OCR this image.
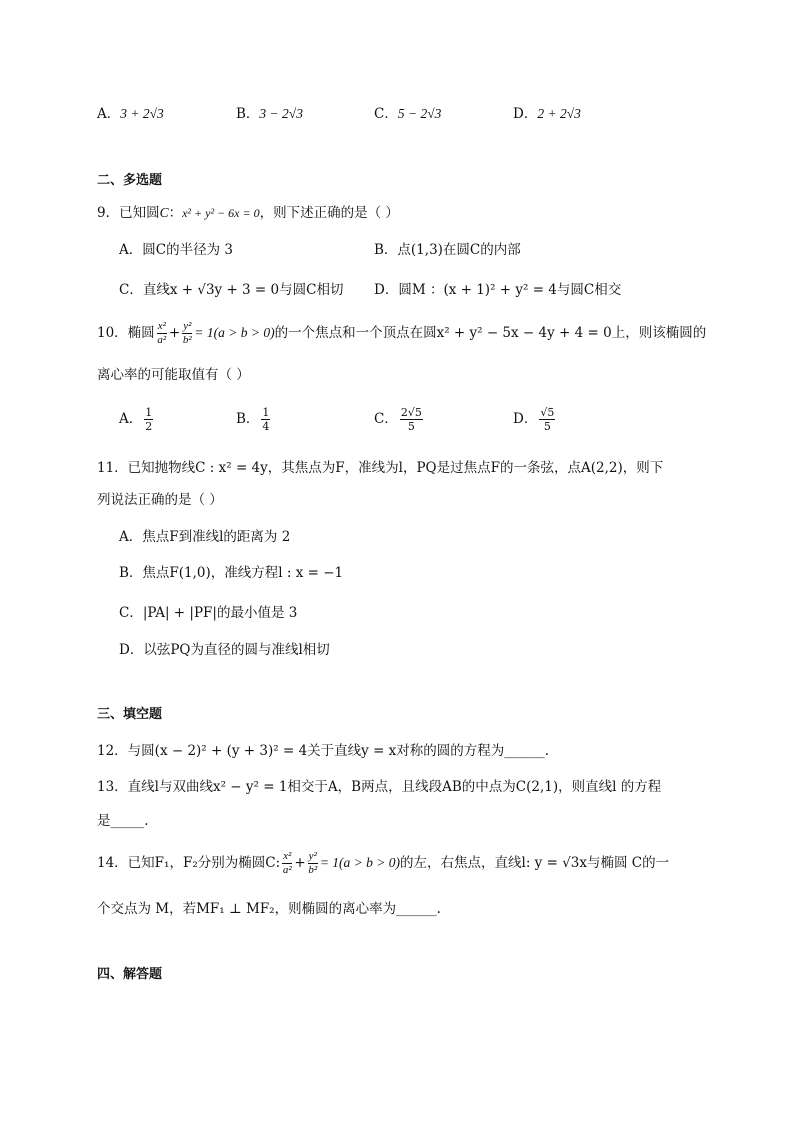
A．3 + 2√3	B．3 − 2√3	C．5 − 2√3	D．2 + 2√3
二、多选题
9．已知圆C：x² + y² − 6x = 0，则下述正确的是（ ）
A．圆C的半径为 3	B．点(1,3)在圆C的内部
C．直线x + √3y + 3 = 0与圆C相切 D．圆M ：(x + 1)² + y² = 4与圆C相交
10．椭圆 $\frac{\text{x²}}{\text{a²}} + \frac{\text{y²}}{\text{b²}} = 1(a > b > 0)$的一个焦点和一个顶点在圆x² + y² − 5x − 4y + 4 = 0上，则该椭圆的
离心率的可能取值有（ ）
A． $\frac{1}{2}$	B． $\frac{1}{4}$	C． $\frac{2√5}{5}$	D． $\frac{√5}{5}$
11．已知抛物线C : x² = 4y，其焦点为F，准线为l，PQ是过焦点F的一条弦，点A(2,2)，则下
列说法正确的是（ ）
A．焦点F到准线l的距离为 2
B．焦点F(1,0)，准线方程l : x = −1
C．|PA| + |PF|的最小值是 3
D．以弦PQ为直径的圆与准线l相切
三、填空题
12．与圆(x − 2)² + (y + 3)² = 4关于直线y = x对称的圆的方程为______.
13．直线l与双曲线x² − y² = 1相交于A，B两点，且线段AB的中点为C(2,1)，则直线l 的方程
是_____.
14．已知F₁，F₂分别为椭圆C: $\frac{\text{x²}}{\text{a²}} + \frac{\text{y²}}{\text{b²}} = 1(a > b > 0)$的左，右焦点，直线l: y = √3x与椭圆 C的一
个交点为 M，若MF₁ ⊥ MF₂，则椭圆的离心率为______.
四、解答题
